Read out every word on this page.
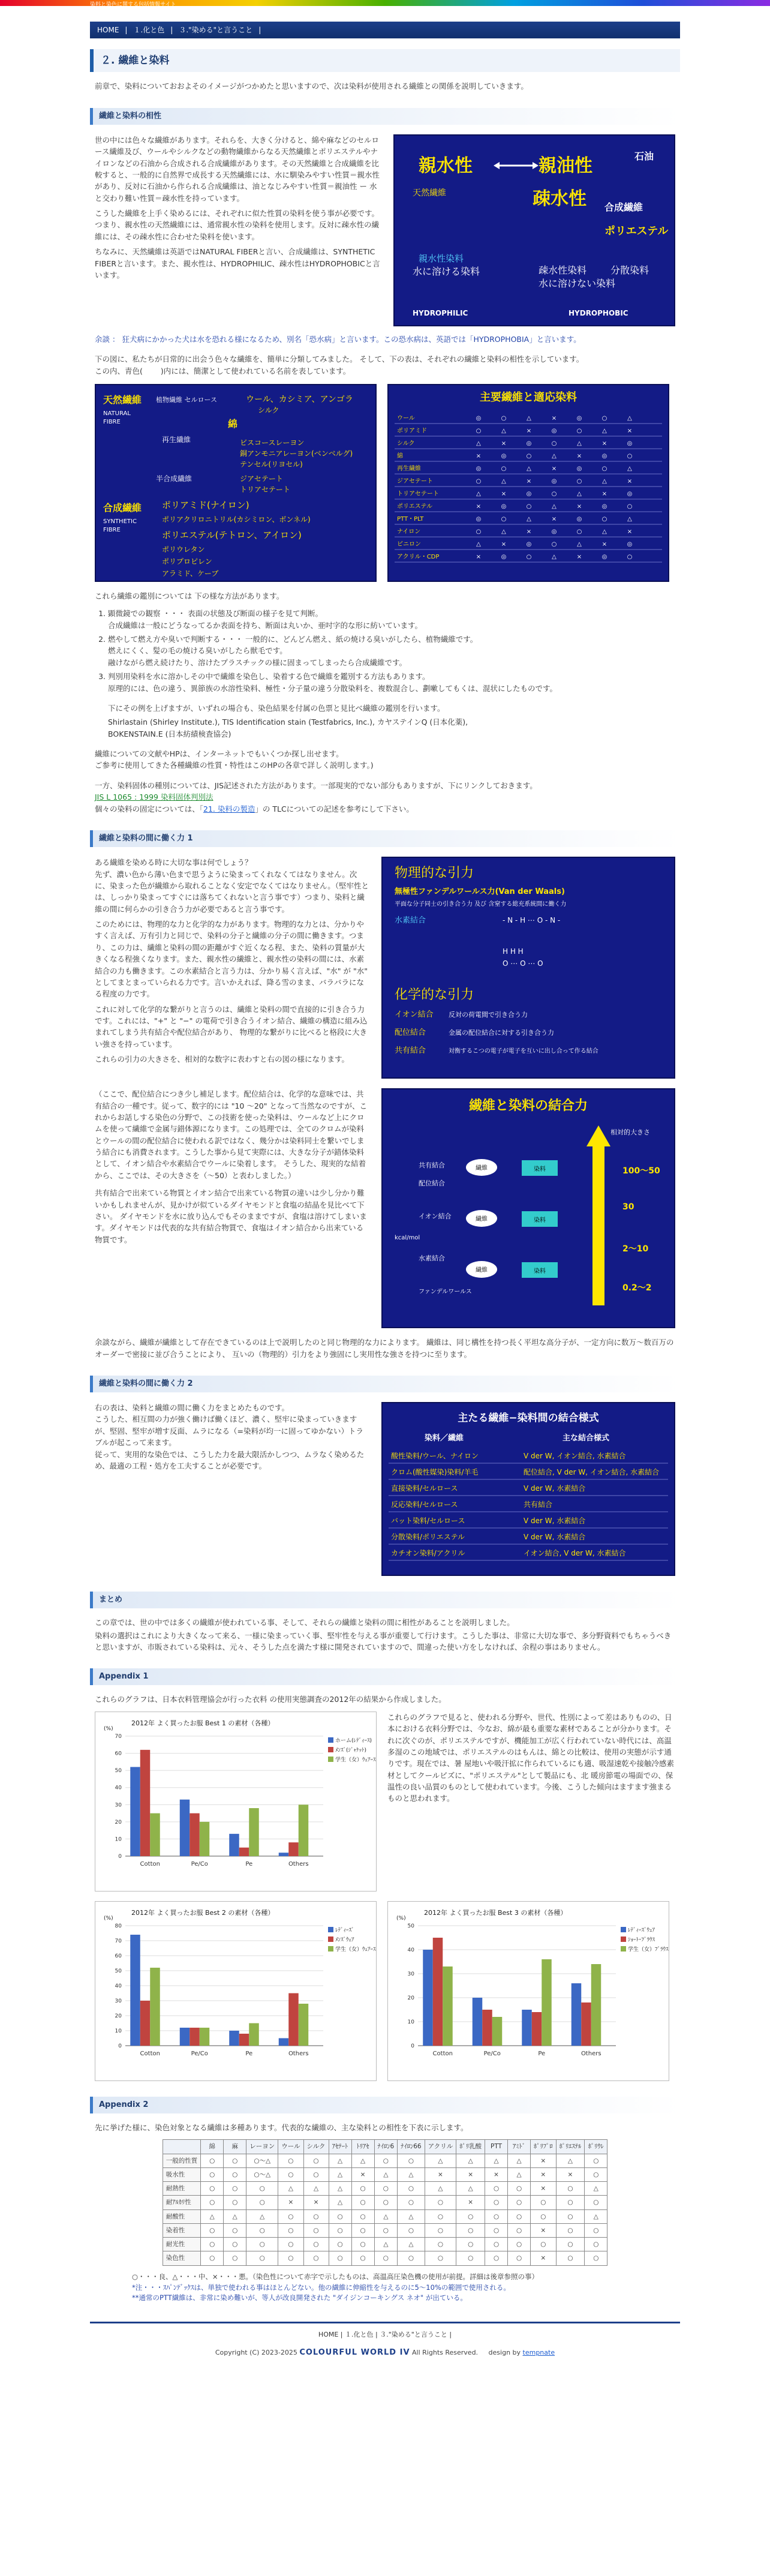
染料と染色に関する包括情報サイト
HOME | １.化と色 | ３."染める"と言うこと |
２. 繊維と染料

前章で、染料についておおよそのイメージがつかめたと思いますので、次は染料が使用される繊維との関係を説明していきます。

繊維と染料の相性

世の中には色々な繊維があります。それらを、大きく分けると、綿や麻などのセルロース繊維及び、ウールやシルクなどの動物繊維からなる天然繊維とポリエステルやナイロンなどの石油から合成される合成繊維があります。その天然繊維と合成繊維を比較すると、一般的に自然界で成長する天然繊維には、水に馴染みやすい性質＝親水性があり、反対に石油から作られる合成繊維は、油となじみやすい性質＝親油性 ー 水と交わり難い性質＝疎水性を持っています。

こうした繊維を上手く染めるには、それぞれに似た性質の染料を使う事が必要です。つまり、親水性の天然繊維には、通常親水性の染料を使用します。反対に疎水性の繊維には、その疎水性に合わせた染料を使います。

ちなみに、天然繊維は英語ではNATURAL FIBERと言い、合成繊維は、SYNTHETIC FIBERと言います。また、親水性は、HYDROPHILIC、疎水性はHYDROPHOBICと言います。

親水性	親油性	石油
疎水性
天然繊維
合成繊維
ポリエステル
親水性染料
水に溶ける染料	疎水性染料 分散染料
水に溶けない染料
HYDROPHILIC	HYDROPHOBIC

余談 ： 狂犬病にかかった犬は水を恐れる様になるため、別名「恐水病」と言います。この恐水病は、英語では「HYDROPHOBIA」と言います。

下の図に、私たちが日常的に出会う色々な繊維を、簡単に分類してみました。 そして、下の表は、それぞれの繊維と染料の相性を示しています。
この内、青色( )内には、簡潔として使われている名前を表しています。

天然繊維
NATURAL
FIBRE
植物繊維 セルロース	ウール、カシミア、アンゴラ
シルク
綿
再生繊維	ビスコースレーヨン
銅アンモニアレーヨン(ベンベルグ)
テンセル(リヨセル)
半合成繊維	ジアセテート
トリアセテート
合成繊維
SYNTHETIC
FIBRE
ポリアミド(ナイロン)
ポリアクリロニトリル(カシミロン、ボンネル)
ポリエステル(テトロン、アイロン)
ポリウレタン
ポリプロピレン
アラミド、ケーブ
主要繊維と適応染料
ウール	◎	○	△	×	◎	○	△
ポリアミド	○	△	×	◎	○	△	×
シルク	△	×	◎	○	△	×	◎
綿	×	◎	○	△	×	◎	○
再生繊維	◎	○	△	×	◎	○	△
ジアセテート	○	△	×	◎	○	△	×
トリアセテート	△	×	◎	○	△	×	◎
ポリエステル	×	◎	○	△	×	◎	○
PTT・PLT	◎	○	△	×	◎	○	△
ナイロン	○	△	×	◎	○	△	×
ビニロン	△	×	◎	○	△	×	◎
アクリル・CDP	×	◎	○	△	×	◎	○

これら繊維の鑑別については 下の様な方法があります。

1. 顕微鏡での観察 ・・・ 表面の状態及び断面の様子を見て判断。
合成繊維は一般にどうなってるか表面を持ち、断面は丸いか、亜吋字的な形に紡いています。
2. 燃やして燃え方や臭いで判断する・・・ 一般的に、どんどん燃え、紙の焼ける臭いがしたら、植物繊維です。
燃えにくく、髪の毛の焼ける臭いがしたら獣毛です。
融けながら燃え続けたり、溶けたプラスチックの様に固まってしまったら合成繊維です。
3. 判別用染料を水に溶かしその中で繊維を染色し、染着する色で繊維を鑑別する方法もあります。
原理的には、色の違う、異節族の水溶性染料、極性・分子量の違う分散染料を、複数混合し、劃嗽してもくは、混状にしたものです。

下にその例を上げますが、いずれの場合も、染色結果を付属の色票と見比べ繊維の鑑別を行います。

Shirlastain (Shirley Institute.), TIS Identification stain (Testfabrics, Inc.), カヤステインQ (日本化薬),

BOKENSTAIN.E (日本紡績検査協会)

繊維についての文献やHPは、インターネットでもいくつか探し出せます。

ご参考に使用してきた各種繊維の性質・特性はこのHPの各章で詳しく説明します。)

一方、染料固体の種別については、JIS記述された方法があります。一部現実的でない部分もありますが、下にリンクしておきます。

JIS L 1065 : 1999 染料固体判別法

個々の染料の固定については、「21. 染料の製造」の TLCについての記述を参考にして下さい。

繊維と染料の間に働く力 1

ある繊維を染める時に大切な事は何でしょう？
先ず、濃い色から薄い色まで思うように染まってくれなくてはなりません。次に、染まった色が繊維から取れることなく安定でなくてはなりません。（堅牢性とは、しっかり染まってすぐには落ちてくれないと言う事です）つまり、染料と繊維の間に何らかの引き合う力が必要であると言う事です。

このためには、物理的な力と化学的な力があります。物理的な力とは、分かりやすく言えば、万有引力と同じで、染料の分子と繊維の分子の間に働きます。つまり、この力は、繊維と染料の間の距離がすぐ近くなる程、また、染料の質量が大きくなる程強くなります。また、親水性の繊維と、親水性の染料の間には、水素結合の力も働きます。この水素結合と言う力は、分かり易く言えば、"水" が "水" としてまとまっていられる力です。言いかえれば、降る雪のまま、バラバラになる程度の力です。

これに対して化学的な繋がりと言うのは、繊維と染料の間で直接的に引き合う力です。これには、"+" と "−" の電荷で引き合うイオン結合、繊維の構造に組み込まれてしまう共有結合や配位結合があり、 物理的な繋がりに比べると格段に大きい強さを持っています。

これらの引力の大きさを、相対的な数字に表わすと右の図の様になります。

物理的な引力
無極性ファンデルワールス力(Van der Waals)
平面な分子同士の引き合う力 及び 含窒する総充系統間に働く力
水素結合	- N - H ⋯ O - N -
H H H
O ⋯ O ⋯ O
化学的な引力
イオン結合 反対の荷電間で引き合う力
配位結合	金属の配位結合に対する引き合う力
共有結合	対衡するこつの電子が電子を互いに出し合って作る結合

（ここで、配位結合につき少し補足します。配位結合は、化学的な意味では、共有結合の一種です。従って、数字的には "10 ～20" となって当然なのですが、これからお話しする染色の分野で、この技術を使った染料は、ウールなど上にクロムを使って繊維で金属与錯体源になります。この処理では、全てのクロムが染料とウールの間の配位結合に使われる訳ではなく、幾分かは染料同士を繋いでしまう結合にも消費されます。こうした事から見て実際には、大きな分子が錯体染料として、イオン結合や水素結合でウールに染着します。 そうした、現実的な結着から、ここでは、その大きさを（〜50）と表わしました。）

共有結合で出来ている物質とイオン結合で出来ている物質の違いは少し分かり難いかもしれませんが、見かけが似ているダイヤモンドと食塩の結晶を見比べて下さい。 ダイヤモンドを水に放り込んでもそのままですが、食塩は溶けてしまいます。ダイヤモンドは代表的な共有結合物質で、食塩はイオン結合から出来ている物質です。

繊維と染料の結合力
相対的大きさ
kcal/mol
共有結合
配位結合
イオン結合
水素結合
ファンデルワールス
繊維	染料
繊維	染料
繊維	染料
100〜50
30
2〜10
0.2〜2

余談ながら、繊維が繊維として存在できているのは上で説明したのと同じ物理的な力によります。 繊維は、同じ構性を持つ長く平坦な高分子が、一定方向に数万〜数百万のオーダーで密接に並び合うことにより、 互いの（物理的）引力をより強固にし実用性な強さを持つに至ります。

繊維と染料の間に働く力 2

右の表は、染料と繊維の間に働く力をまとめたものです。

こうした、相互間の力が強く働けば働くほど、濃く、堅牢に染まっていきますが、堅固、堅牢が増す反面、ムラになる（=染料が均一に固ってゆかない）トラブルが起こって来ます。

従って、実用的な染色では、こうした力を最大限活かしつつ、ムラなく染めるため、最適の工程・処方を工夫することが必要です。

主たる繊維−染料間の結合様式
染料／繊維	主な結合様式
酸性染料/ウール、ナイロン	V der W, イオン結合, 水素結合
クロム(酸性媒染)染料/羊毛	配位結合, V der W, イオン結合, 水素結合
直接染料/セルロース	V der W, 水素結合
反応染料/セルロース	共有結合
バット染料/セルロース	V der W, 水素結合
分散染料/ポリエステル	V der W, 水素結合
カチオン染料/アクリル	イオン結合, V der W, 水素結合
まとめ

この章では、世の中では多くの繊維が使われている事、そして、それらの繊維と染料の間に相性があることを説明しました。

染料の選択はこれにより大きくなって来る、一様に染まっていく事、堅牢性を与える事が重要して行けます。こうした事は、非常に大切な事で、多分野資料でもちゃうべきと思いますが、市販されている染料は、元々、そうした点を満たす様に開発されていますので、間違った使い方をしなければ、余程の事はありません。

Appendix 1

これらのグラフは、日本衣料管理協会が行った衣料 の使用実態調査の2012年の結果から作成しました。

2012年 よく買ったお服 Best 1 の素材（各種）
(%)
0
10
20
30
40
50
60
70
Cotton	Pe/Co	Pe	Others
ホーム(ﾚﾃﾞｨｰｽ)
ﾒﾝｽﾞ(ｼﾞｬｹｯﾄ)
学生（女）ｳｪｱｰｽ
これらのグラフで見ると、使われる分野や、世代、性別によって差はありものの、日本における衣料分野では、今なお、綿が最も重要な素材であることが分かります。それに次ぐのが、ポリエステルですが、機能加工が広く行われていない時代には、高温多湿のこの地域では、ポリエステルのはもんは、綿との比較は、使用の実態が示す通りです。現在では、暑 屋地いや吸汗拡に作られているにも適、吸湿速乾や接触冷感素材としてクールビズに、"ポリエステル"として製品にも、北 暖房節電の場面での、保温性の良い品質のものとして使われています。今後、こうした傾向はますます強まるものと思われます。
2012年 よく買ったお服 Best 2 の素材（各種）
(%)
0
10
20
30
40
50
60
70
80
Cotton	Pe/Co	Pe	Others
ﾚﾃﾞｨｰｽﾞ
ﾒﾝｽﾞｳｪｱ
学生（女）ｳｪｱｰｽ
2012年 よく買ったお服 Best 3 の素材（各種）
(%)
0
10
20
30
40
50
Cotton	Pe/Co	Pe	Others
ﾚﾃﾞｨｰｽﾞｳｪｱ
ｼｮｰﾄ･ﾌﾞﾗｳｽ
学生（女）ﾌﾞﾗｳｽ
Appendix 2

先に挙げた様に、染色対象となる繊維は多種あります。代表的な繊維の、主な染料との相性を下表に示します。

	綿	麻	レーヨン	ウール	シルク	ｱｾﾃｰﾄ	ﾄﾘｱｾ	ﾅｲﾛﾝ6	ﾅｲﾛﾝ66	アクリル	ﾎﾟﾘ乳酸	PTT	ｱﾐﾄﾞ	ﾎﾟﾘﾌﾟﾛ	ﾎﾟﾘｴｽﾃﾙ	ﾎﾟﾘｳﾚ
一般的性質	○	○	○〜△	○	○	△	△	○	○	△	△	△	△	×	△	○
吸水性	○	○	○〜△	○	○	△	×	△	△	×	×	×	△	×	×	○
耐熱性	○	○	○	△	△	△	○	○	○	△	△	○	○	×	○	△
耐ｱﾙｶﾘ性	○	○	○	×	×	△	○	○	○	○	×	○	○	○	○	○
耐酸性	△	△	△	○	○	○	○	△	△	○	○	○	○	○	○	△
染着性	○	○	○	○	○	○	○	○	○	○	○	○	○	×	○	○
耐光性	○	○	○	○	○	○	○	△	△	○	○	○	○	○	○	○
染色性	○	○	○	○	○	○	○	○	○	○	○	○	○	×	○	○

○・・・良、△・・・中、×・・・悪。（染色性について赤字で示したものは、高温高圧染色機の使用が前提。詳細は後章参照の事）

*注・・・ｽﾊﾟﾝﾃﾞｯｸｽは、単独で使われる事はほとんどない。他の繊維に伸縮性を与えるのに5〜10%の範囲で使用される。

**通常のPTT繊維は、非常に染め難いが、等人が改良開発された "ダイジンコーキングス ネオ" が出ている。

HOME | １.化と色 | ３."染める"と言うこと |
Copyright (C) 2023-2025 COLOURFUL WORLD IV All Rights Reserved. design by tempnate
